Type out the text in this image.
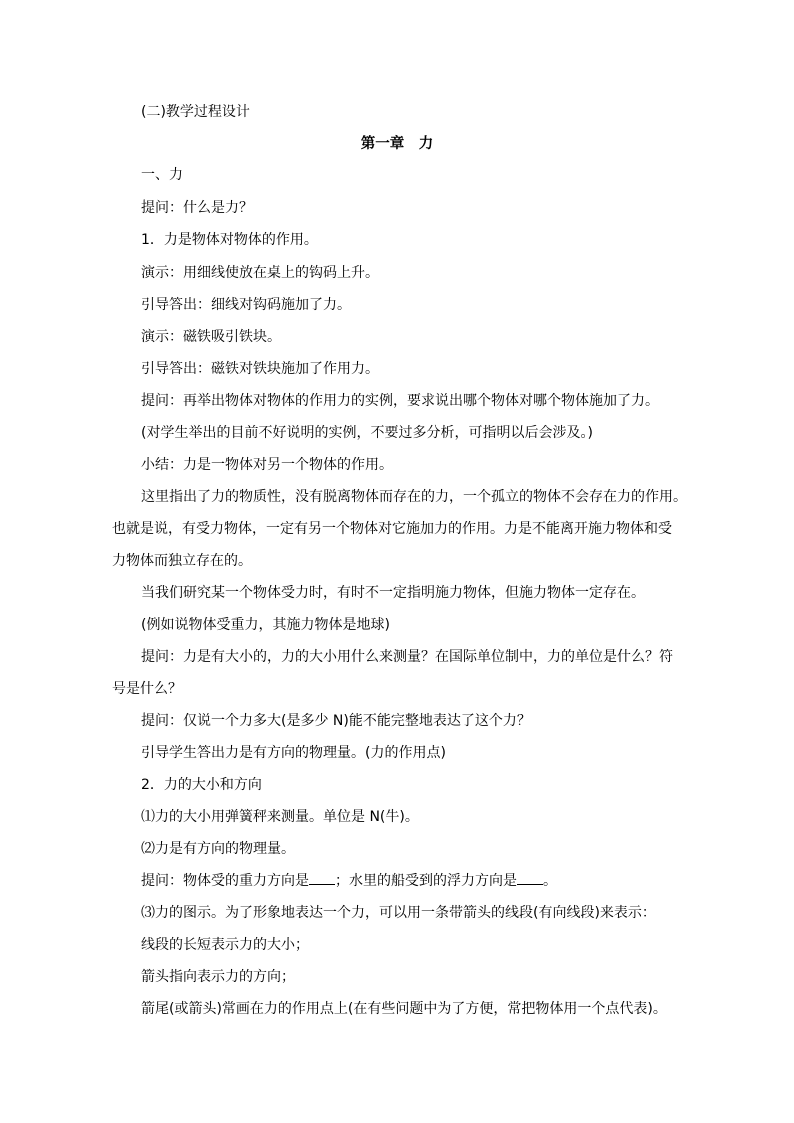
(二)教学过程设计
第一章　力
一、力
提问：什么是力？
1．力是物体对物体的作用。
演示：用细线使放在桌上的钩码上升。
引导答出：细线对钩码施加了力。
演示：磁铁吸引铁块。
引导答出：磁铁对铁块施加了作用力。
提问：再举出物体对物体的作用力的实例，要求说出哪个物体对哪个物体施加了力。
(对学生举出的目前不好说明的实例，不要过多分析，可指明以后会涉及。)
小结：力是一物体对另一个物体的作用。
这里指出了力的物质性，没有脱离物体而存在的力，一个孤立的物体不会存在力的作用。
也就是说，有受力物体，一定有另一个物体对它施加力的作用。力是不能离开施力物体和受
力物体而独立存在的。
当我们研究某一个物体受力时，有时不一定指明施力物体，但施力物体一定存在。
(例如说物体受重力，其施力物体是地球)
提问：力是有大小的，力的大小用什么来测量？在国际单位制中，力的单位是什么？符
号是什么？
提问：仅说一个力多大(是多少 N)能不能完整地表达了这个力？
引导学生答出力是有方向的物理量。(力的作用点)
2．力的大小和方向
⑴力的大小用弹簧秤来测量。单位是 N(牛)。
⑵力是有方向的物理量。
提问：物体受的重力方向是 ；水里的船受到的浮力方向是 。
⑶力的图示。为了形象地表达一个力，可以用一条带箭头的线段(有向线段)来表示：
线段的长短表示力的大小；
箭头指向表示力的方向；
箭尾(或箭头)常画在力的作用点上(在有些问题中为了方便，常把物体用一个点代表)。
